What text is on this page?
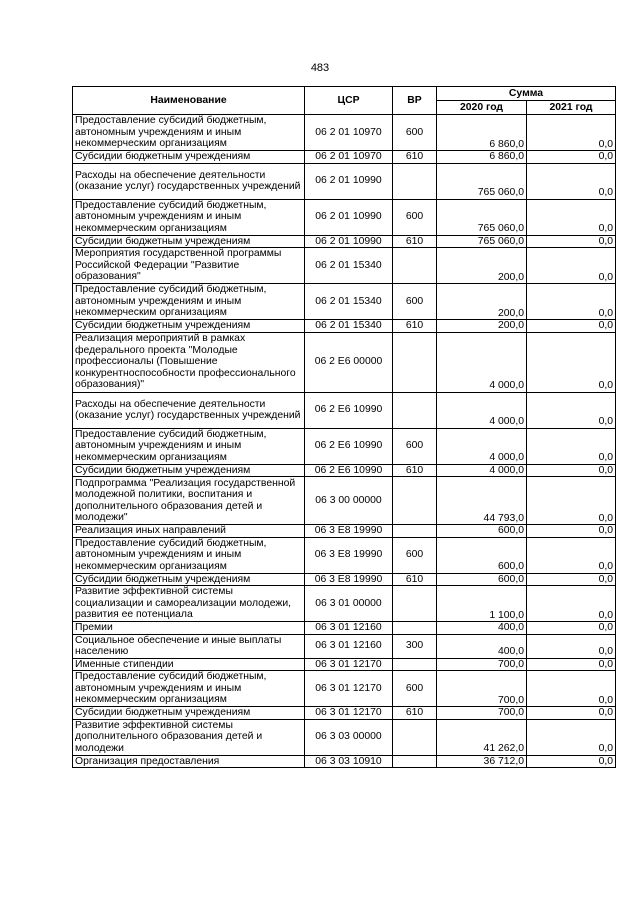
483
Наименование	ЦСР	ВР	Сумма	
			2020 год	2021 год
Предоставление субсидий бюджетным, автономным учреждениям и иным некоммерческим организациям	06 2 01 10970	600	6 860,0	0,0
Субсидии бюджетным учреждениям	06 2 01 10970	610	6 860,0	0,0
Расходы на обеспечение деятельности (оказание услуг) государственных учреждений	06 2 01 10990		765 060,0	0,0
Предоставление субсидий бюджетным, автономным учреждениям и иным некоммерческим организациям	06 2 01 10990	600	765 060,0	0,0
Субсидии бюджетным учреждениям	06 2 01 10990	610	765 060,0	0,0
Мероприятия государственной программы Российской Федерации "Развитие образования"	06 2 01 15340		200,0	0,0
Предоставление субсидий бюджетным, автономным учреждениям и иным некоммерческим организациям	06 2 01 15340	600	200,0	0,0
Субсидии бюджетным учреждениям	06 2 01 15340	610	200,0	0,0
Реализация мероприятий в рамках федерального проекта "Молодые профессионалы (Повышение конкурентноспособности профессионального образования)"	06 2 E6 00000		4 000,0	0,0
Расходы на обеспечение деятельности (оказание услуг) государственных учреждений	06 2 E6 10990		4 000,0	0,0
Предоставление субсидий бюджетным, автономным учреждениям и иным некоммерческим организациям	06 2 E6 10990	600	4 000,0	0,0
Субсидии бюджетным учреждениям	06 2 E6 10990	610	4 000,0	0,0
Подпрограмма "Реализация государственной молодежной политики, воспитания и дополнительного образования детей и молодежи"	06 3 00 00000		44 793,0	0,0
Реализация иных направлений	06 3 E8 19990		600,0	0,0
Предоставление субсидий бюджетным, автономным учреждениям и иным некоммерческим организациям	06 3 E8 19990	600	600,0	0,0
Субсидии бюджетным учреждениям	06 3 E8 19990	610	600,0	0,0
Развитие эффективной системы социализации и самореализации молодежи, развития ее потенциала	06 3 01 00000		1 100,0	0,0
Премии	06 3 01 12160		400,0	0,0
Социальное обеспечение и иные выплаты населению	06 3 01 12160	300	400,0	0,0
Именные стипендии	06 3 01 12170		700,0	0,0
Предоставление субсидий бюджетным, автономным учреждениям и иным некоммерческим организациям	06 3 01 12170	600	700,0	0,0
Субсидии бюджетным учреждениям	06 3 01 12170	610	700,0	0,0
Развитие эффективной системы дополнительного образования детей и молодежи	06 3 03 00000		41 262,0	0,0
Организация предоставления	06 3 03 10910		36 712,0	0,0
